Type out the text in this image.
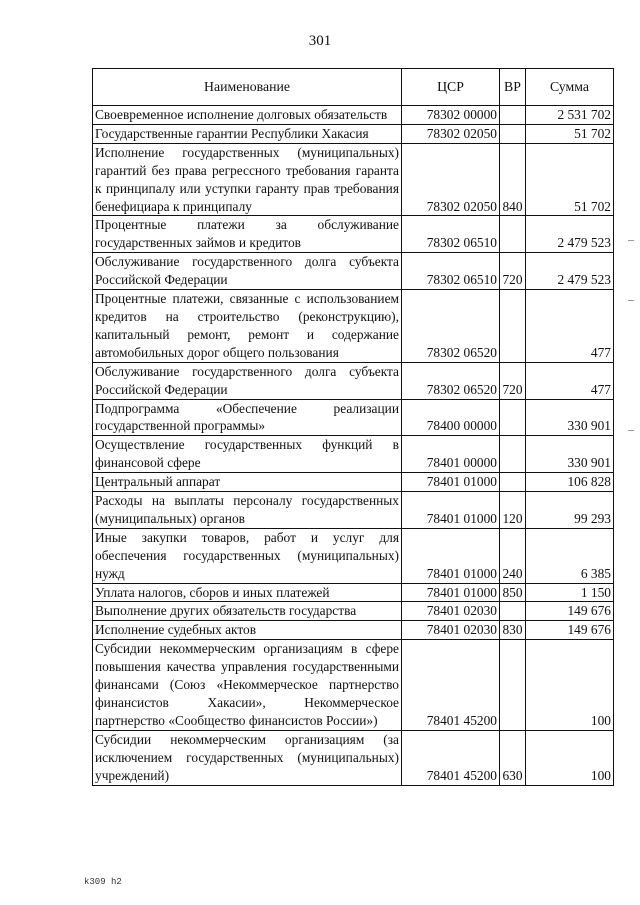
301
Наименование	ЦСР	ВР	Сумма
Своевременное исполнение долговых обязательств	78302 00000		2 531 702
Государственные гарантии Республики Хакасия	78302 02050		51 702
Исполнение государственных (муниципальных) гарантий без права регрессного требования гаранта к принципалу или уступки гаранту прав требования бенефициара к принципалу	78302 02050	840	51 702
Процентные платежи за обслуживание государственных займов и кредитов	78302 06510		2 479 523
Обслуживание государственного долга субъекта Российской Федерации	78302 06510	720	2 479 523
Процентные платежи, связанные с использованием кредитов на строительство (реконструкцию), капитальный ремонт, ремонт и содержание автомобильных дорог общего пользования	78302 06520		477
Обслуживание государственного долга субъекта Российской Федерации	78302 06520	720	477
Подпрограмма «Обеспечение реализации государственной программы»	78400 00000		330 901
Осуществление государственных функций в финансовой сфере	78401 00000		330 901
Центральный аппарат	78401 01000		106 828
Расходы на выплаты персоналу государственных (муниципальных) органов	78401 01000	120	99 293
Иные закупки товаров, работ и услуг для обеспечения государственных (муниципальных) нужд	78401 01000	240	6 385
Уплата налогов, сборов и иных платежей	78401 01000	850	1 150
Выполнение других обязательств государства	78401 02030		149 676
Исполнение судебных актов	78401 02030	830	149 676
Субсидии некоммерческим организациям в сфере повышения качества управления государственными финансами (Союз «Некоммерческое партнерство финансистов Хакасии», Некоммерческое партнерство «Сообщество финансистов России»)	78401 45200		100
Субсидии некоммерческим организациям (за исключением государственных (муниципальных) учреждений)	78401 45200	630	100
k309 h2
